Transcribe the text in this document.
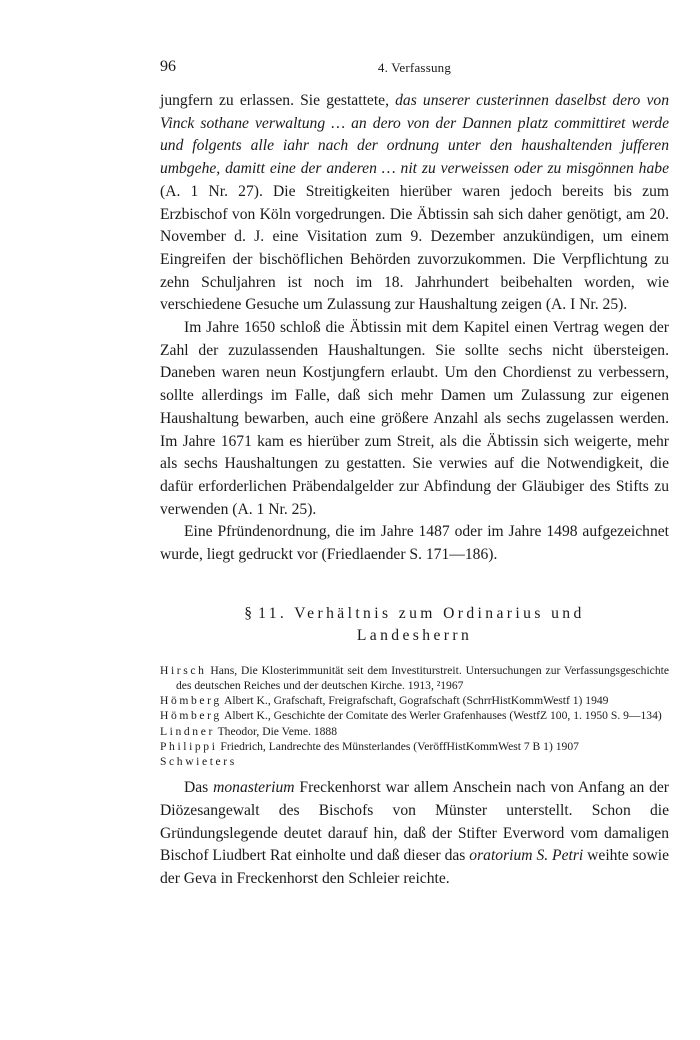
96	4. Verfassung

jungfern zu erlassen. Sie gestattete, das unserer custerinnen daselbst dero von Vinck sothane verwaltung … an dero von der Dannen platz committiret werde und folgents alle iahr nach der ordnung unter den haushaltenden jufferen umbgehe, damitt eine der anderen … nit zu verweissen oder zu misgönnen habe (A. 1 Nr. 27). Die Streitigkeiten hierüber waren jedoch bereits bis zum Erzbischof von Köln vorgedrungen. Die Äbtissin sah sich daher genötigt, am 20. November d. J. eine Visitation zum 9. Dezember anzukündigen, um einem Eingreifen der bischöflichen Behörden zuvorzukommen. Die Verpflichtung zu zehn Schuljahren ist noch im 18. Jahrhundert beibehalten worden, wie verschiedene Gesuche um Zulassung zur Haushaltung zeigen (A. I Nr. 25).

Im Jahre 1650 schloß die Äbtissin mit dem Kapitel einen Vertrag wegen der Zahl der zuzulassenden Haushaltungen. Sie sollte sechs nicht übersteigen. Daneben waren neun Kostjungfern erlaubt. Um den Chordienst zu verbessern, sollte allerdings im Falle, daß sich mehr Damen um Zulassung zur eigenen Haushaltung bewarben, auch eine größere Anzahl als sechs zugelassen werden. Im Jahre 1671 kam es hierüber zum Streit, als die Äbtissin sich weigerte, mehr als sechs Haushaltungen zu gestatten. Sie verwies auf die Notwendigkeit, die dafür erforderlichen Präbendalgelder zur Abfindung der Gläubiger des Stifts zu verwenden (A. 1 Nr. 25).

Eine Pfründenordnung, die im Jahre 1487 oder im Jahre 1498 aufgezeichnet wurde, liegt gedruckt vor (Friedlaender S. 171—186).

§ 11. Verhältnis zum Ordinarius und
Landesherrn
Hirsch Hans, Die Klosterimmunität seit dem Investiturstreit. Untersuchungen zur Verfassungsgeschichte des deutschen Reiches und der deutschen Kirche. 1913, ²1967
Hömberg Albert K., Grafschaft, Freigrafschaft, Gografschaft (SchrrHistKommWestf 1) 1949
Hömberg Albert K., Geschichte der Comitate des Werler Grafenhauses (WestfZ 100, 1. 1950 S. 9—134)
Lindner Theodor, Die Veme. 1888
Philippi Friedrich, Landrechte des Münsterlandes (VeröffHistKommWest 7 B 1) 1907
Schwieters

Das monasterium Freckenhorst war allem Anschein nach von Anfang an der Diözesangewalt des Bischofs von Münster unterstellt. Schon die Gründungslegende deutet darauf hin, daß der Stifter Everword vom damaligen Bischof Liudbert Rat einholte und daß dieser das oratorium S. Petri weihte sowie der Geva in Freckenhorst den Schleier reichte.
